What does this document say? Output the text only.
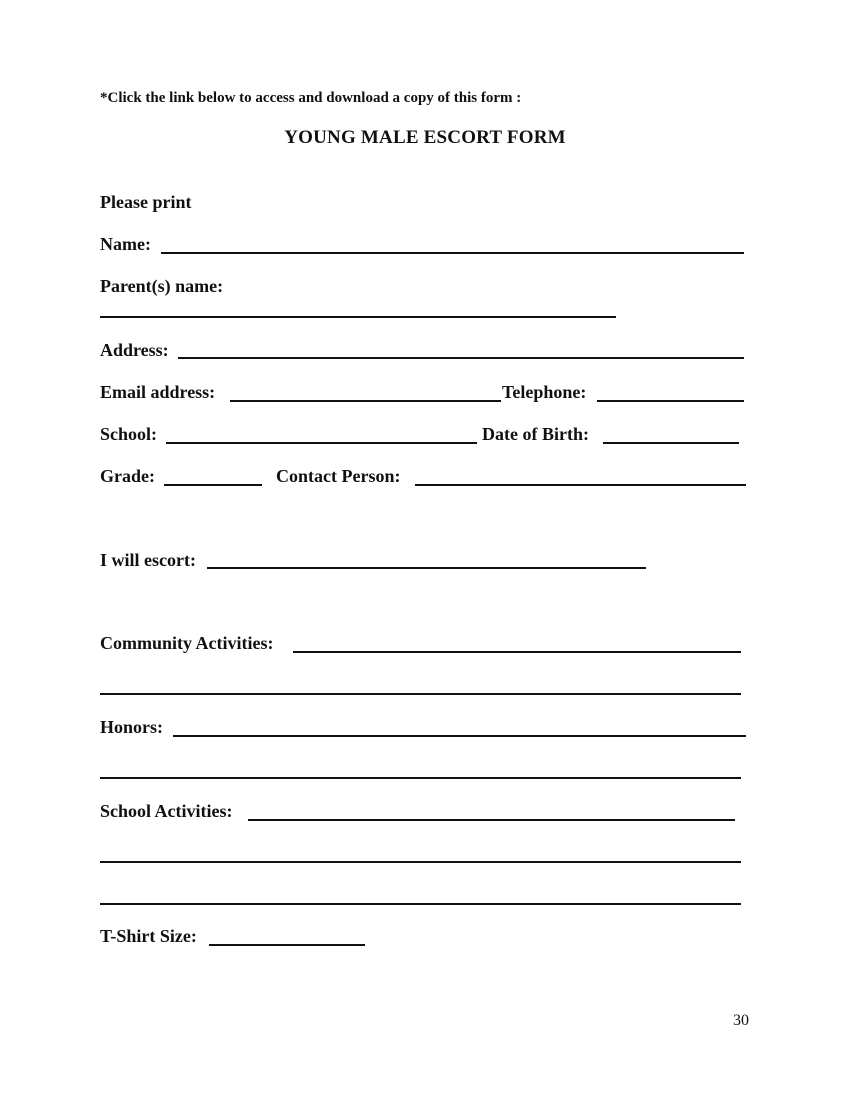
*Click the link below to access and download a copy of this form :
YOUNG MALE ESCORT FORM
Please print
Name:
Parent(s) name:
Address:
Email address:	Telephone:
School:	Date of Birth:
Grade:	Contact Person:
I will escort:
Community Activities:
Honors:
School Activities:
T-Shirt Size:
30
